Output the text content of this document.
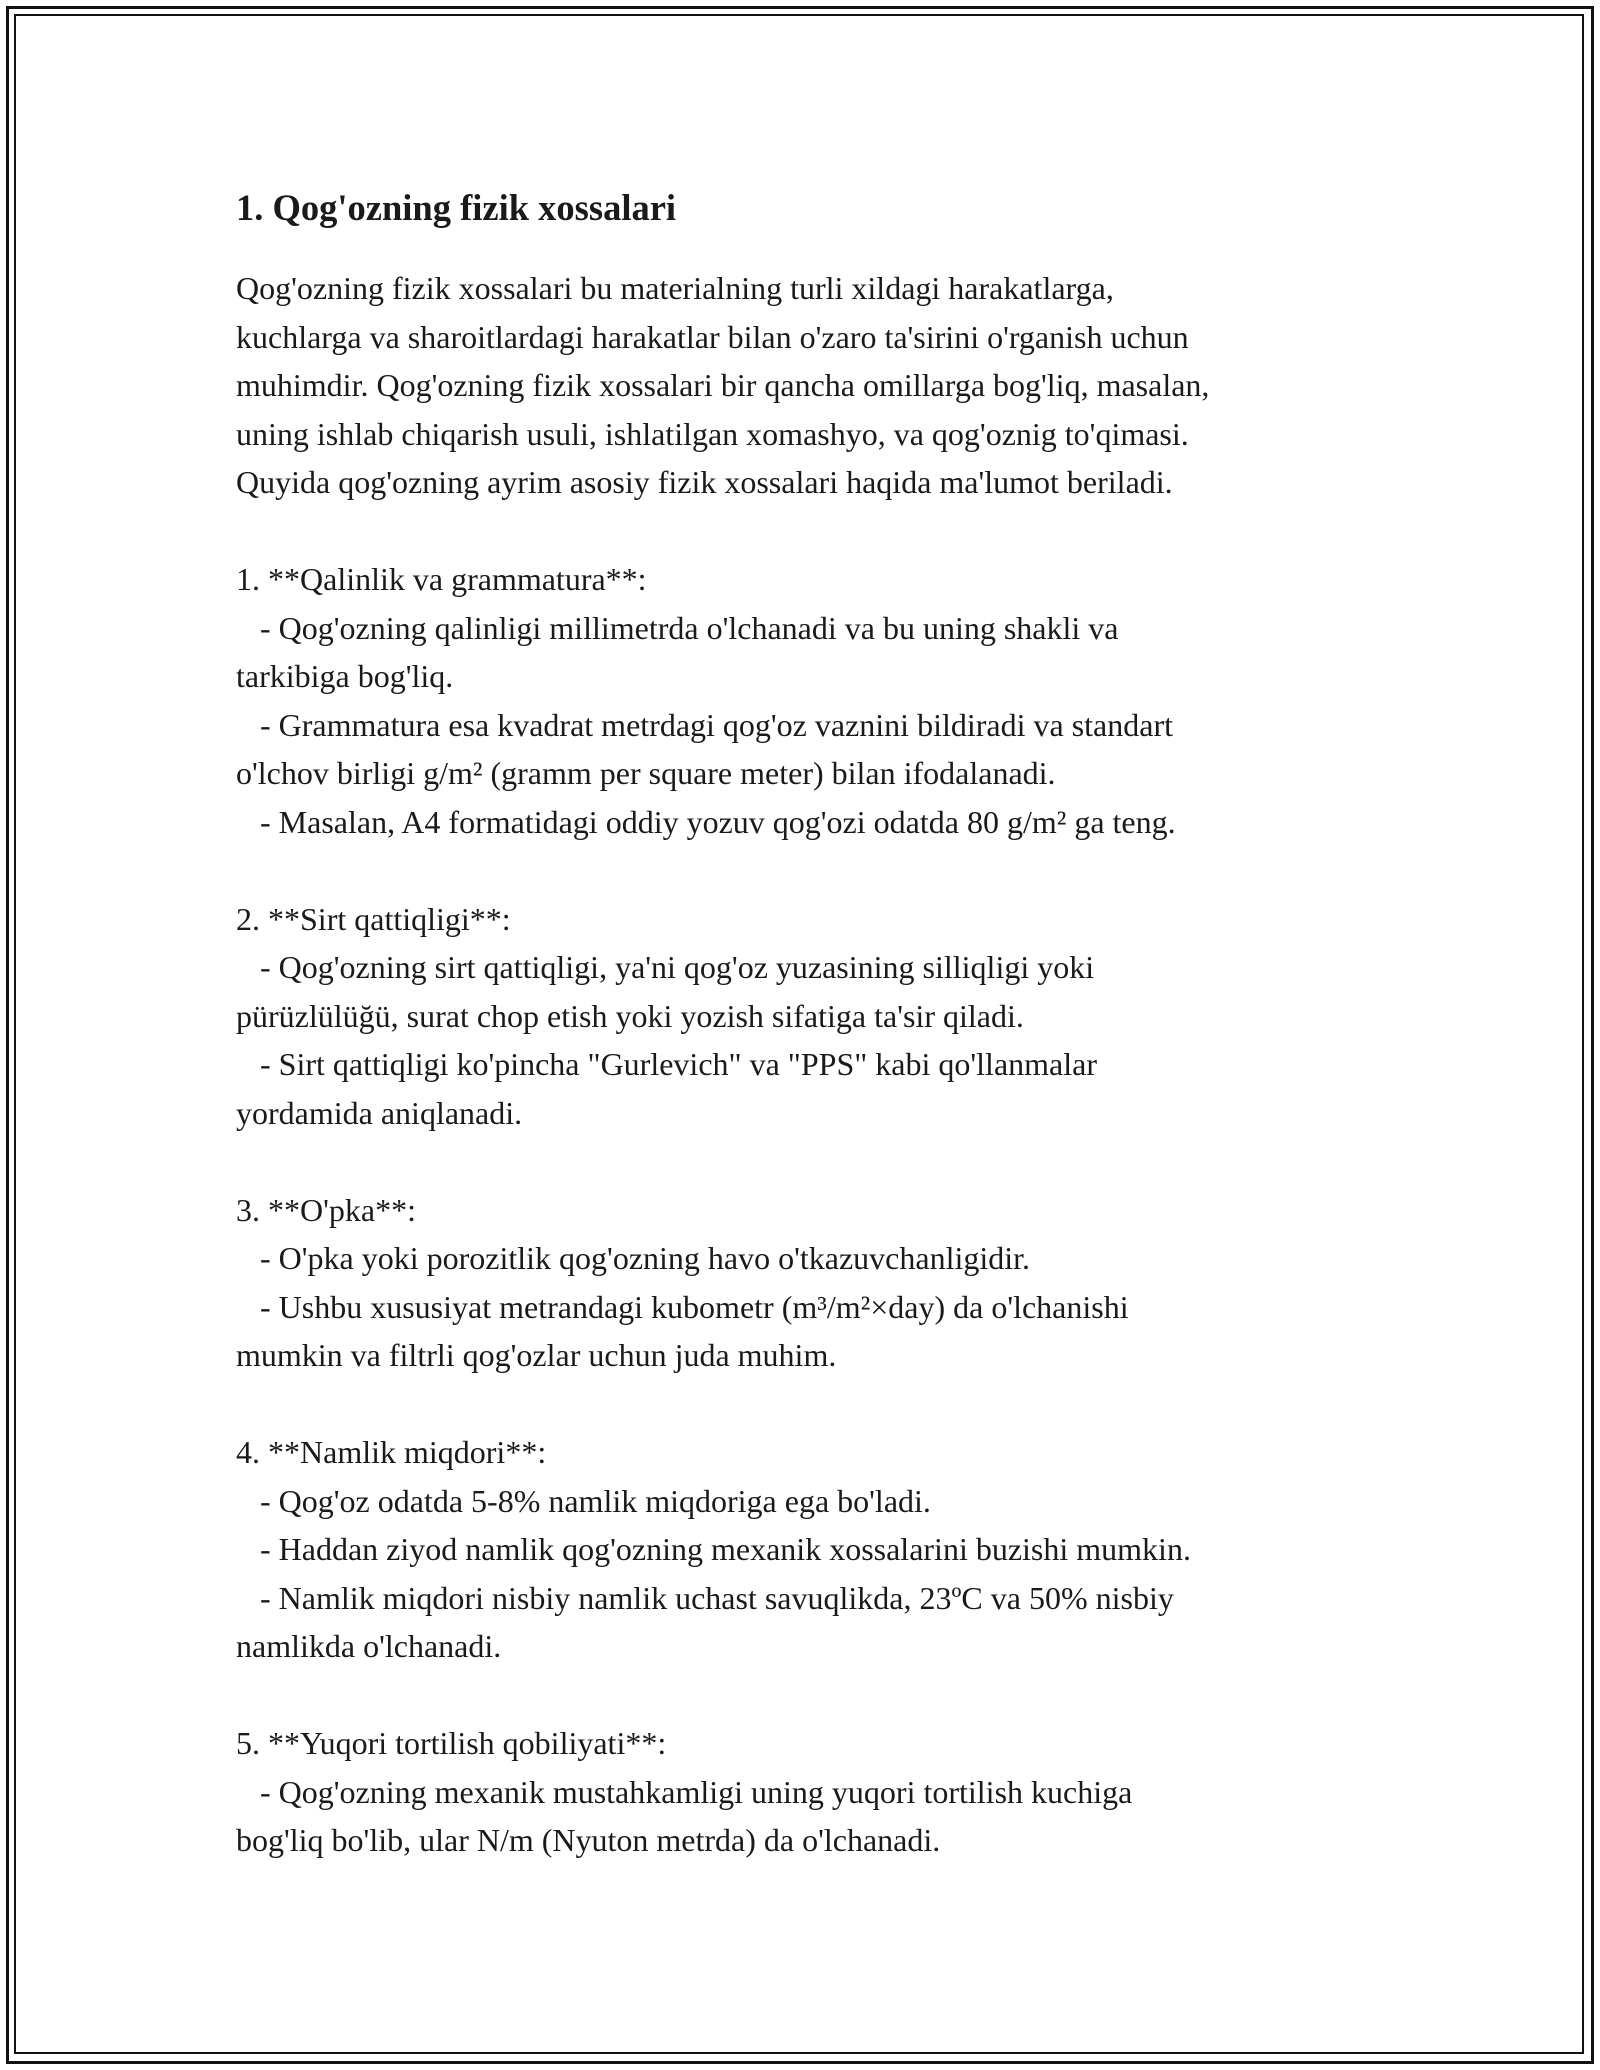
1. Qog'ozning fizik xossalari

Qog'ozning fizik xossalari bu materialning turli xildagi harakatlarga,
kuchlarga va sharoitlardagi harakatlar bilan o'zaro ta'sirini o'rganish uchun
muhimdir. Qog'ozning fizik xossalari bir qancha omillarga bog'liq, masalan,
uning ishlab chiqarish usuli, ishlatilgan xomashyo, va qog'oznig to'qimasi.
Quyida qog'ozning ayrim asosiy fizik xossalari haqida ma'lumot beriladi.

1. **Qalinlik va grammatura**:

- Qog'ozning qalinligi millimetrda o'lchanadi va bu uning shakli va

tarkibiga bog'liq.

- Grammatura esa kvadrat metrdagi qog'oz vaznini bildiradi va standart

o'lchov birligi g/m² (gramm per square meter) bilan ifodalanadi.

- Masalan, A4 formatidagi oddiy yozuv qog'ozi odatda 80 g/m² ga teng.

2. **Sirt qattiqligi**:

- Qog'ozning sirt qattiqligi, ya'ni qog'oz yuzasining silliqligi yoki

pürüzlülüğü, surat chop etish yoki yozish sifatiga ta'sir qiladi.

- Sirt qattiqligi ko'pincha "Gurlevich" va "PPS" kabi qo'llanmalar

yordamida aniqlanadi.

3. **O'pka**:

- O'pka yoki porozitlik qog'ozning havo o'tkazuvchanligidir.

- Ushbu xususiyat metrandagi kubometr (m³/m²×day) da o'lchanishi

mumkin va filtrli qog'ozlar uchun juda muhim.

4. **Namlik miqdori**:

- Qog'oz odatda 5-8% namlik miqdoriga ega bo'ladi.

- Haddan ziyod namlik qog'ozning mexanik xossalarini buzishi mumkin.

- Namlik miqdori nisbiy namlik uchast savuqlikda, 23ºC va 50% nisbiy

namlikda o'lchanadi.

5. **Yuqori tortilish qobiliyati**:

- Qog'ozning mexanik mustahkamligi uning yuqori tortilish kuchiga

bog'liq bo'lib, ular N/m (Nyuton metrda) da o'lchanadi.
